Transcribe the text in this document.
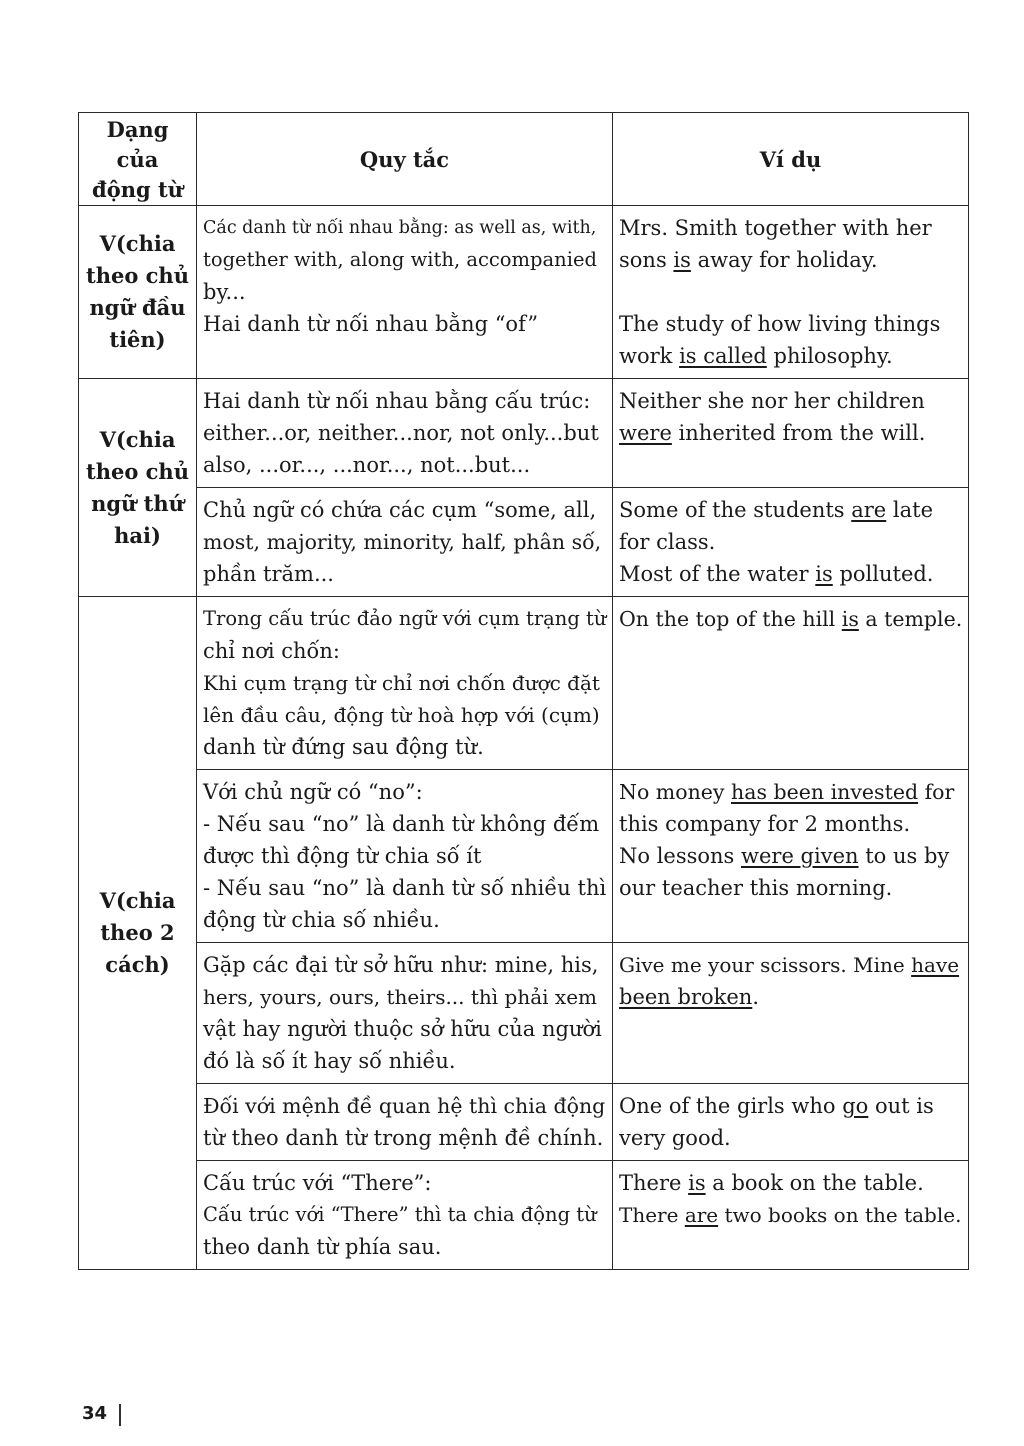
Dạng của
động từ	Quy tắc	Ví dụ

V(chia
theo chủ
ngữ đầu
tiên)	Các danh từ nối nhau bằng: as well as, with,
together with, along with, accompanied
by...
Hai danh từ nối nhau bằng “of”	Mrs. Smith together with her
sons is away for holiday.
The study of how living things
work is called philosophy.

V(chia
theo chủ
ngữ thứ
hai)	Hai danh từ nối nhau bằng cấu trúc:
either...or, neither...nor, not only...but
also, ...or..., ...nor..., not...but...	Neither she nor her children
were inherited from the will.

	Chủ ngữ có chứa các cụm “some, all,
most, majority, minority, half, phân số,
phần trăm...	Some of the students are late
for class.
Most of the water is polluted.

V(chia
theo 2
cách)	Trong cấu trúc đảo ngữ với cụm trạng từ
chỉ nơi chốn:
Khi cụm trạng từ chỉ nơi chốn được đặt
lên đầu câu, động từ hoà hợp với (cụm)
danh từ đứng sau động từ.	On the top of the hill is a temple.

	Với chủ ngữ có “no”:
- Nếu sau “no” là danh từ không đếm
được thì động từ chia số ít
- Nếu sau “no” là danh từ số nhiều thì
động từ chia số nhiều.	No money has been invested for
this company for 2 months.
No lessons were given to us by
our teacher this morning.

	Gặp các đại từ sở hữu như: mine, his,
hers, yours, ours, theirs... thì phải xem
vật hay người thuộc sở hữu của người
đó là số ít hay số nhiều.	Give me your scissors. Mine have
been broken.

	Đối với mệnh đề quan hệ thì chia động
từ theo danh từ trong mệnh đề chính.	One of the girls who go out is
very good.

	Cấu trúc với “There”:
Cấu trúc với “There” thì ta chia động từ
theo danh từ phía sau.	There is a book on the table.
There are two books on the table.
34
